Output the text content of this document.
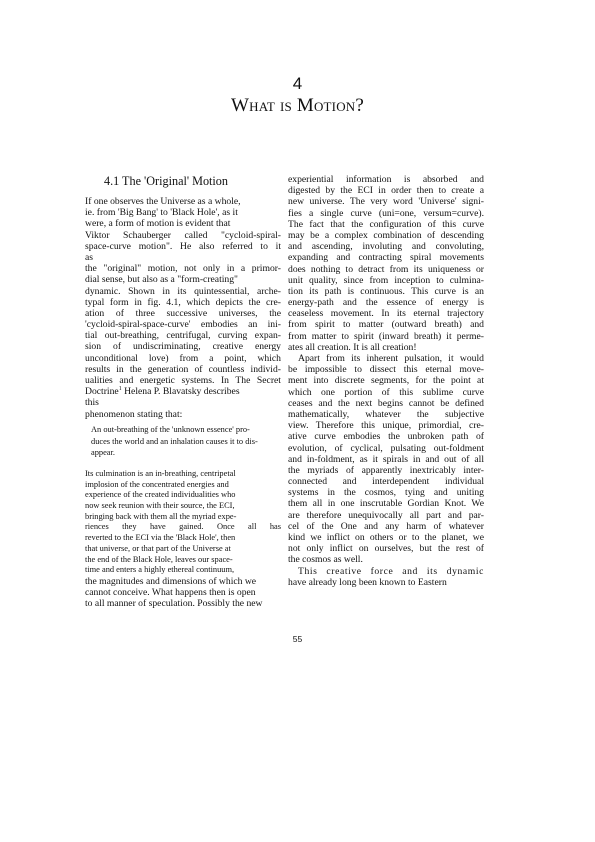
4
What is Motion?
4.1 The 'Original' Motion
If one observes the Universe as a whole,
ie. from 'Big Bang' to 'Black Hole', as it
were, a form of motion is evident that
Viktor Schauberger called "cycloid-spiral-
space-curve motion". He also referred to it
as
the "original" motion, not only in a primor-
dial sense, but also as a "form-creating"
dynamic. Shown in its quintessential, arche-
typal form in fig. 4.1, which depicts the cre-
ation of three successive universes, the
'cycloid-spiral-space-curve' embodies an ini-
tial out-breathing, centrifugal, curving expan-
sion of undiscriminating, creative energy
unconditional love) from a point, which
results in the generation of countless individ-
ualities and energetic systems. In The Secret
Doctrine$^1$ Helena P. Blavatsky describes
this
phenomenon stating that:
An out-breathing of the 'unknown essence' pro-
duces the world and an inhalation causes it to dis-
appear.
Its culmination is an in-breathing, centripetal
implosion of the concentrated energies and
experience of the created individualities who
now seek reunion with their source, the ECI,
bringing back with them all the myriad expe-
riences they have gained. Once all has
reverted to the ECI via the 'Black Hole', then
that universe, or that part of the Universe at
the end of the Black Hole, leaves our space-
time and enters a highly ethereal continuum,
the magnitudes and dimensions of which we
cannot conceive. What happens then is open
to all manner of speculation. Possibly the new
experiential information is absorbed and
digested by the ECI in order then to create a
new universe. The very word 'Universe' signi-
fies a single curve (uni=one, versum=curve).
The fact that the configuration of this curve
may be a complex combination of descending
and ascending, involuting and convoluting,
expanding and contracting spiral movements
does nothing to detract from its uniqueness or
unit quality, since from inception to culmina-
tion its path is continuous. This curve is an
energy-path and the essence of energy is
ceaseless movement. In its eternal trajectory
from spirit to matter (outward breath) and
from matter to spirit (inward breath) it perme-
ates all creation. It is all creation!
Apart from its inherent pulsation, it would
be impossible to dissect this eternal move-
ment into discrete segments, for the point at
which one portion of this sublime curve
ceases and the next begins cannot be defined
mathematically, whatever the subjective
view. Therefore this unique, primordial, cre-
ative curve embodies the unbroken path of
evolution, of cyclical, pulsating out-foldment
and in-foldment, as it spirals in and out of all
the myriads of apparently inextricably inter-
connected and interdependent individual
systems in the cosmos, tying and uniting
them all in one inscrutable Gordian Knot. We
are therefore unequivocally all part and par-
cel of the One and any harm of whatever
kind we inflict on others or to the planet, we
not only inflict on ourselves, but the rest of
the cosmos as well.
This creative force and its dynamic
have already long been known to Eastern
55
